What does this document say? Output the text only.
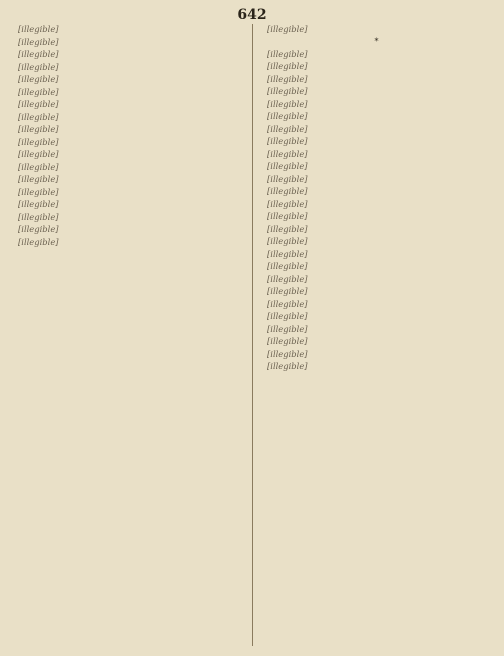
642

[illegible]

[illegible]

[illegible]

[illegible]

[illegible]

[illegible]

[illegible]

[illegible]

[illegible]

[illegible]

[illegible]

[illegible]

[illegible]

[illegible]

[illegible]

[illegible]

[illegible]

[illegible]

[illegible]

*

[illegible]

[illegible]

[illegible]

[illegible]

[illegible]

[illegible]

[illegible]

[illegible]

[illegible]

[illegible]

[illegible]

[illegible]

[illegible]

[illegible]

[illegible]

[illegible]

[illegible]

[illegible]

[illegible]

[illegible]

[illegible]

[illegible]

[illegible]

[illegible]

[illegible]

[illegible]
